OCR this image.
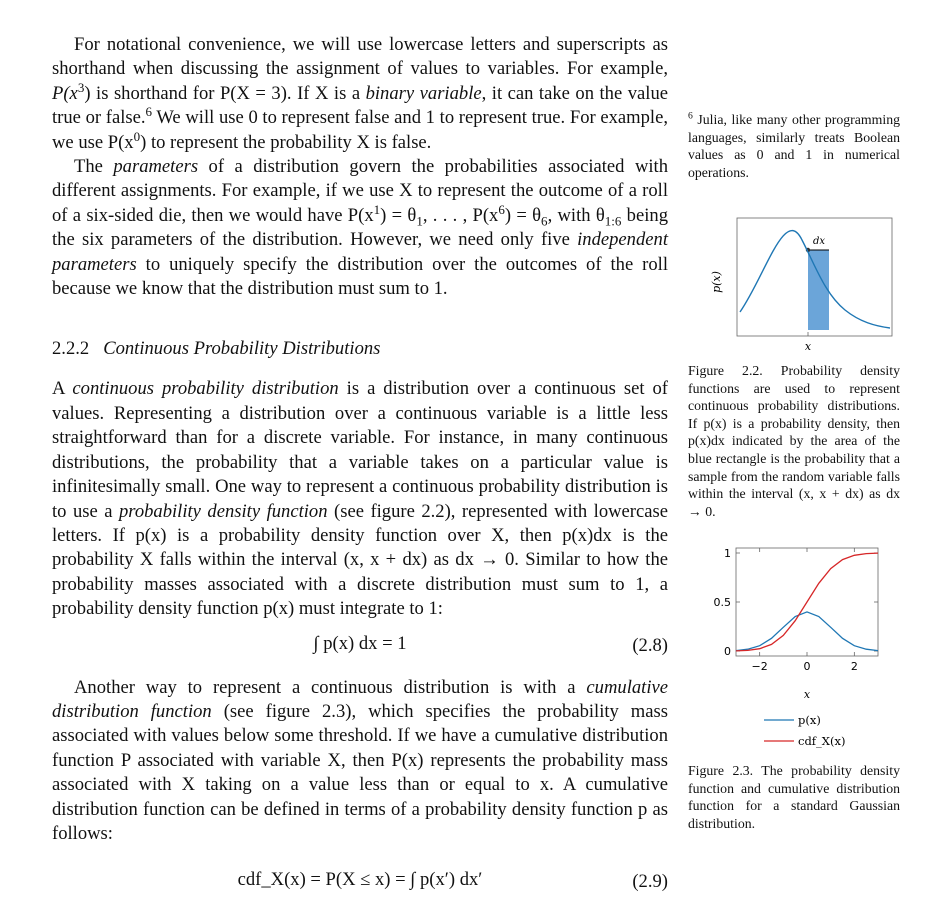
For notational convenience, we will use lowercase letters and superscripts as shorthand when discussing the assignment of values to variables. For example, $P(x^3)$ is shorthand for P(X = 3). If X is a binary variable, it can take on the value true or false.$^6$ We will use 0 to represent false and 1 to represent true. For example, we use $P(x^0)$ to represent the probability X is false.

The parameters of a distribution govern the probabilities associated with different assignments. For example, if we use X to represent the outcome of a roll of a six-sided die, then we would have $P(x^1) = \theta_1$, . . . , $P(x^6) = \theta_6$, with $\theta_{1:6}$ being the six parameters of the distribution. However, we need only five independent parameters to uniquely specify the distribution over the outcomes of the roll because we know that the distribution must sum to 1.

2.2.2 Continuous Probability Distributions

A continuous probability distribution is a distribution over a continuous set of values. Representing a distribution over a continuous variable is a little less straightforward than for a discrete variable. For instance, in many continuous distributions, the probability that a variable takes on a particular value is infinitesimally small. One way to represent a continuous probability distribution is to use a probability density function (see figure 2.2), represented with lowercase letters. If p(x) is a probability density function over X, then p(x)dx is the probability X falls within the interval (x, x + dx) as dx → 0. Similar to how the probability masses associated with a discrete distribution must sum to 1, a probability density function p(x) must integrate to 1:

∫ p(x) dx = 1	(2.8)

Another way to represent a continuous distribution is with a cumulative distribution function (see figure 2.3), which specifies the probability mass associated with values below some threshold. If we have a cumulative distribution function P associated with variable X, then P(x) represents the probability mass associated with X taking on a value less than or equal to x. A cumulative distribution function can be defined in terms of a probability density function p as follows:

cdf_X(x) = P(X ≤ x) = ∫ p(x′) dx′	(2.9)
$^6$ Julia, like many other programming languages, similarly treats Boolean values as 0 and 1 in numerical operations.
dx
p(x)
x
Figure 2.2. Probability density functions are used to represent continuous probability distributions. If p(x) is a probability density, then p(x)dx indicated by the area of the blue rectangle is the probability that a sample from the random variable falls within the interval (x, x + dx) as dx → 0.
−2	0	2
0
0.5
1
x
p(x)
cdf_X(x)
Figure 2.3. The probability density function and cumulative distribution function for a standard Gaussian distribution.
